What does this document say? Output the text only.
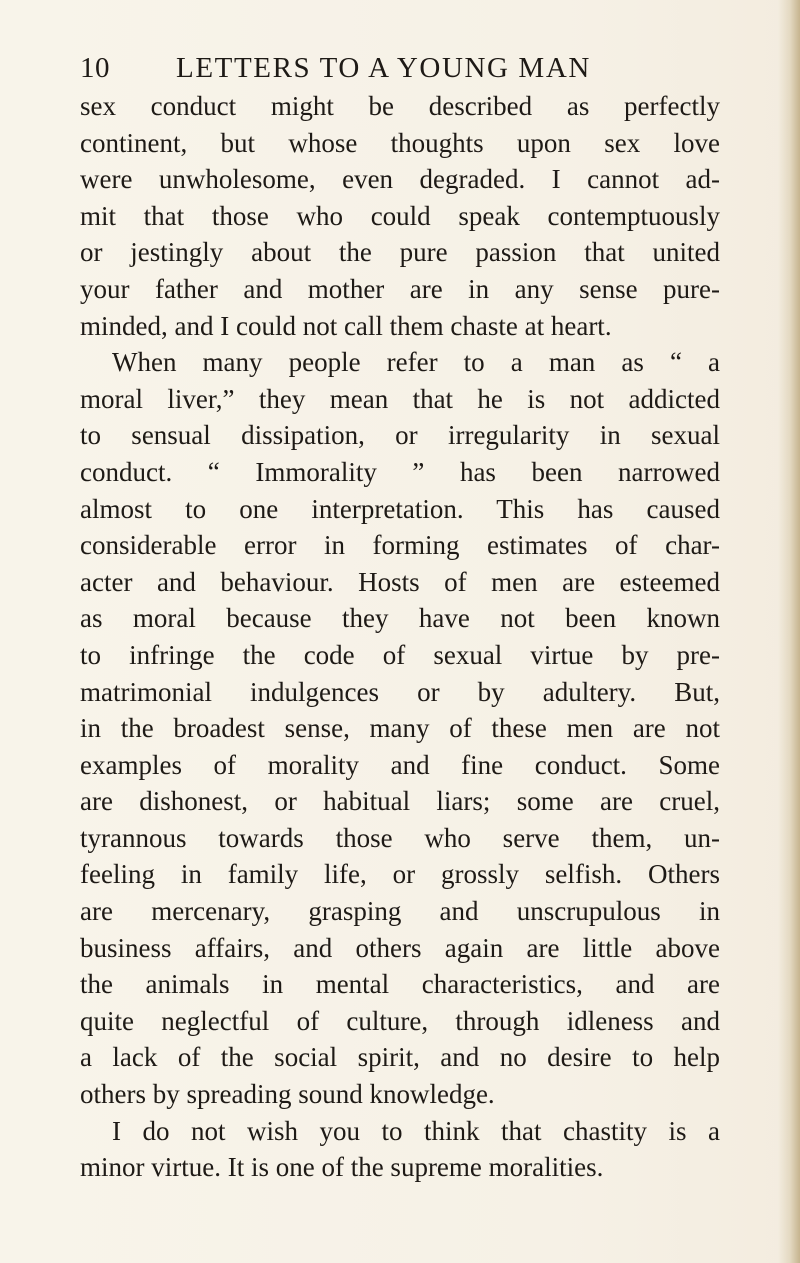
10 LETTERS TO A YOUNG MAN
sex conduct might be described as perfectly
continent, but whose thoughts upon sex love
were unwholesome, even degraded. I cannot ad-
mit that those who could speak contemptuously
or jestingly about the pure passion that united
your father and mother are in any sense pure-
minded, and I could not call them chaste at heart.
When many people refer to a man as “ a
moral liver,” they mean that he is not addicted
to sensual dissipation, or irregularity in sexual
conduct. “ Immorality ” has been narrowed
almost to one interpretation. This has caused
considerable error in forming estimates of char-
acter and behaviour. Hosts of men are esteemed
as moral because they have not been known
to infringe the code of sexual virtue by pre-
matrimonial indulgences or by adultery. But,
in the broadest sense, many of these men are not
examples of morality and fine conduct. Some
are dishonest, or habitual liars; some are cruel,
tyrannous towards those who serve them, un-
feeling in family life, or grossly selfish. Others
are mercenary, grasping and unscrupulous in
business affairs, and others again are little above
the animals in mental characteristics, and are
quite neglectful of culture, through idleness and
a lack of the social spirit, and no desire to help
others by spreading sound knowledge.
I do not wish you to think that chastity is a
minor virtue. It is one of the supreme moralities.
